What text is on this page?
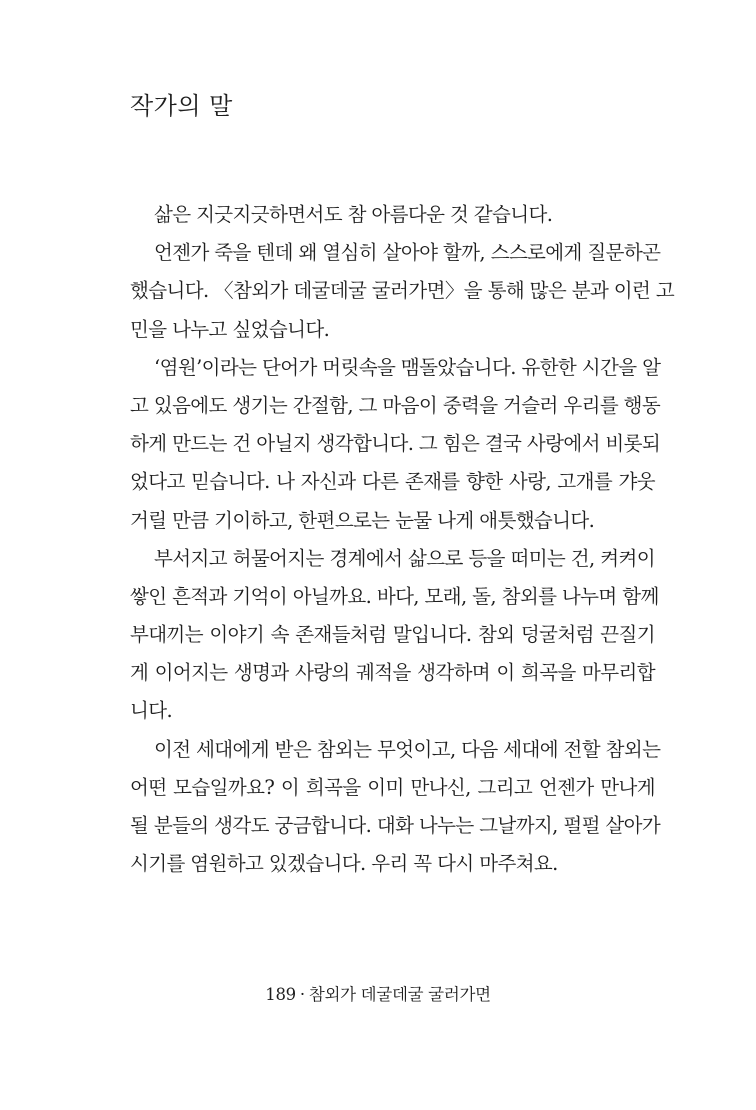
작가의 말
삶은 지긋지긋하면서도 참 아름다운 것 같습니다.
언젠가 죽을 텐데 왜 열심히 살아야 할까, 스스로에게 질문하곤
했습니다. 〈참외가 데굴데굴 굴러가면〉을 통해 많은 분과 이런 고
민을 나누고 싶었습니다.
‘염원’이라는 단어가 머릿속을 맴돌았습니다. 유한한 시간을 알
고 있음에도 생기는 간절함, 그 마음이 중력을 거슬러 우리를 행동
하게 만드는 건 아닐지 생각합니다. 그 힘은 결국 사랑에서 비롯되
었다고 믿습니다. 나 자신과 다른 존재를 향한 사랑, 고개를 갸웃
거릴 만큼 기이하고, 한편으로는 눈물 나게 애틋했습니다.
부서지고 허물어지는 경계에서 삶으로 등을 떠미는 건, 켜켜이
쌓인 흔적과 기억이 아닐까요. 바다, 모래, 돌, 참외를 나누며 함께
부대끼는 이야기 속 존재들처럼 말입니다. 참외 덩굴처럼 끈질기
게 이어지는 생명과 사랑의 궤적을 생각하며 이 희곡을 마무리합
니다.
이전 세대에게 받은 참외는 무엇이고, 다음 세대에 전할 참외는
어떤 모습일까요? 이 희곡을 이미 만나신, 그리고 언젠가 만나게
될 분들의 생각도 궁금합니다. 대화 나누는 그날까지, 펄펄 살아가
시기를 염원하고 있겠습니다. 우리 꼭 다시 마주쳐요.
189 · 참외가 데굴데굴 굴러가면
